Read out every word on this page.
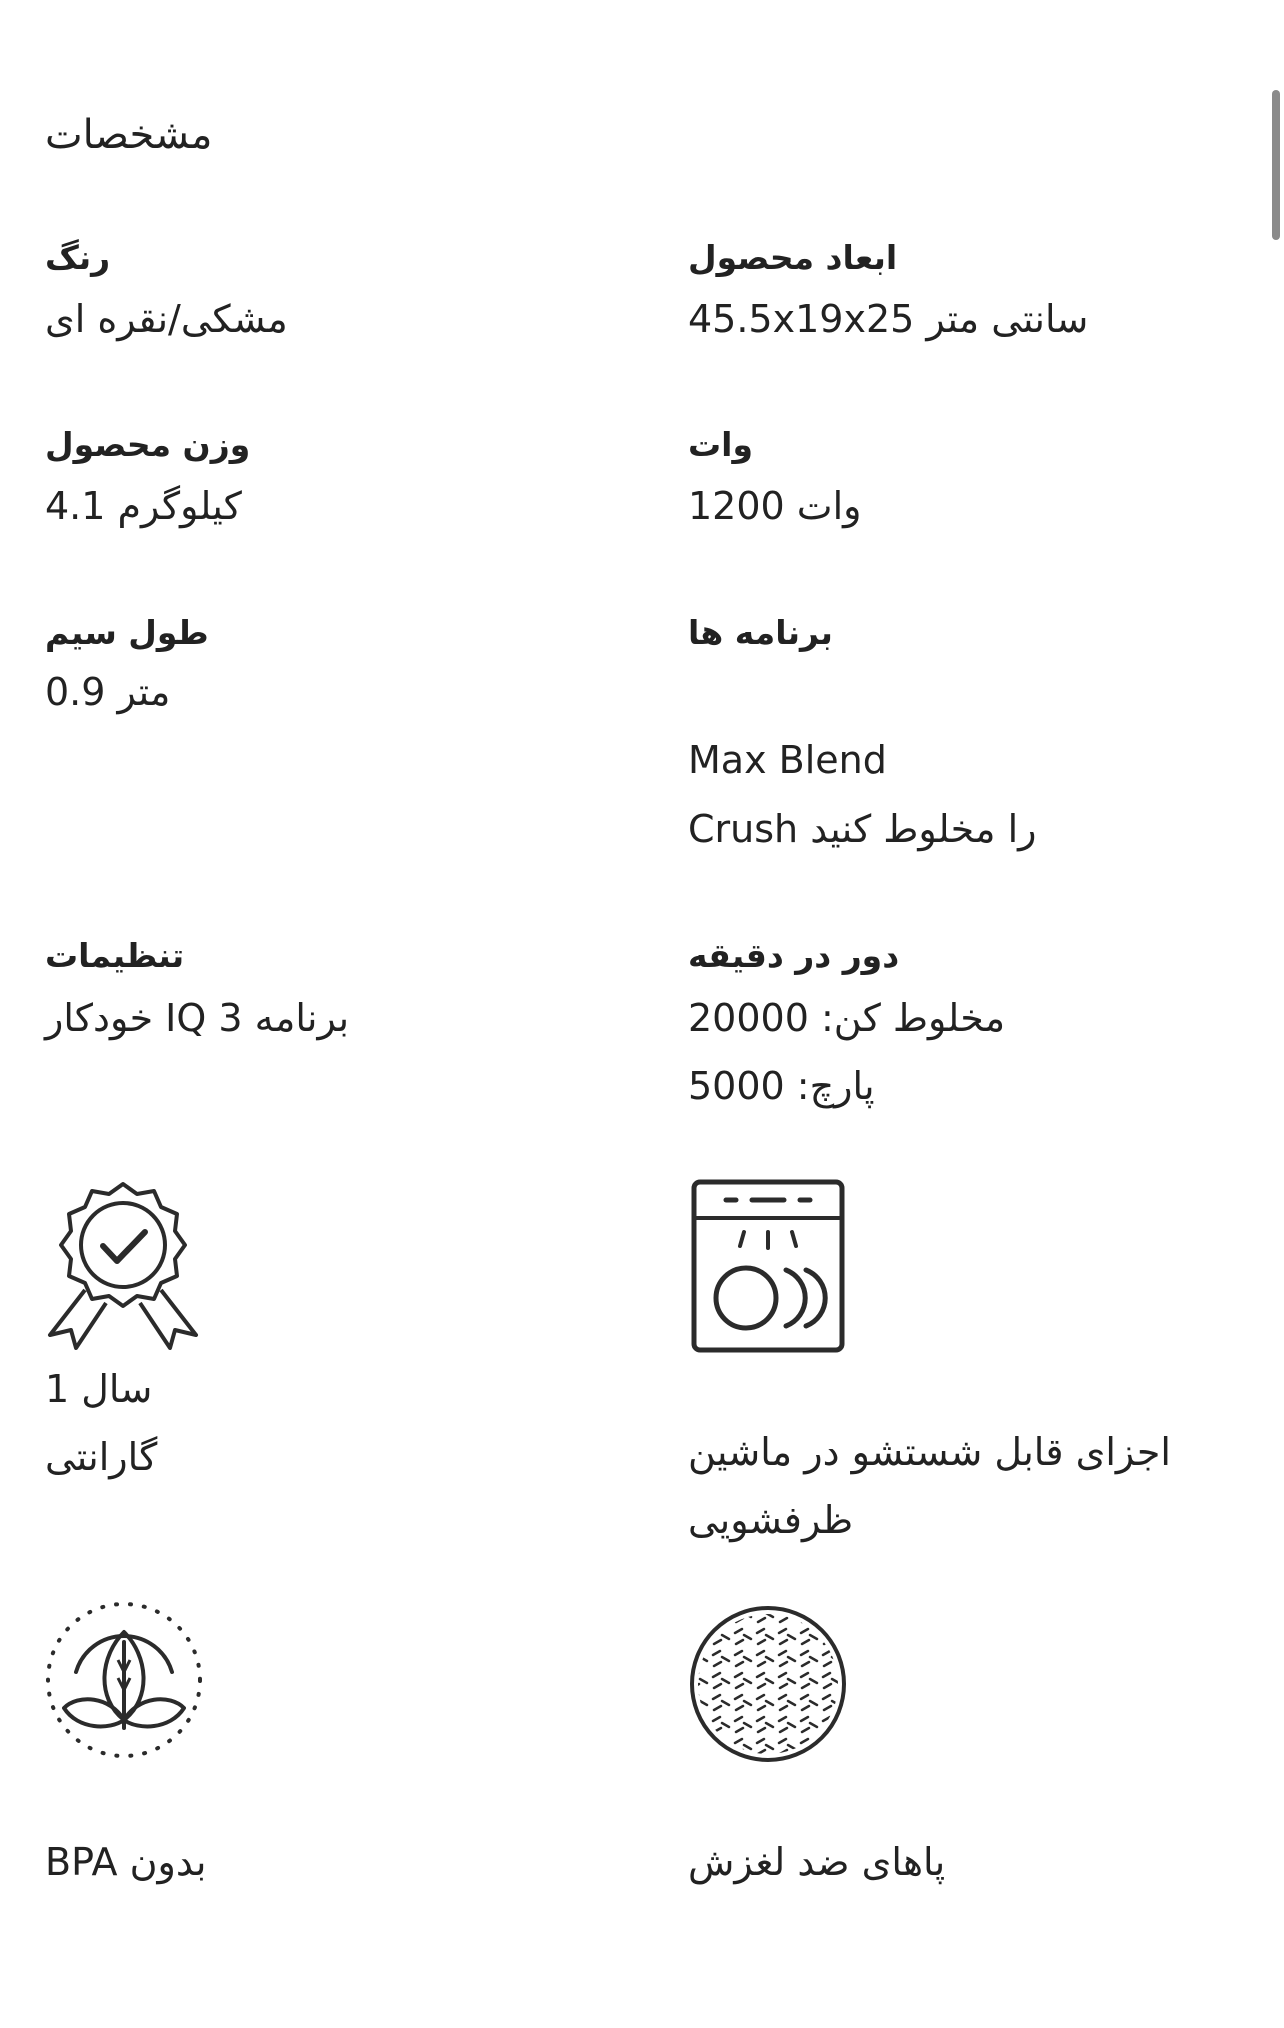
مشخصات
رنگ
مشکی/نقره ای
ابعاد محصول
45.5x19x25 سانتی متر
وزن محصول
4.1 کیلوگرم
وات
1200 وات
طول سیم
0.9 متر
برنامه ها
Max Blend
Crush را مخلوط کنید
تنظیمات
خودکار IQ برنامه 3
دور در دقیقه
مخلوط کن: 20000
پارچ: 5000
1 سال
گارانتی	اجزای قابل شستشو در ماشین
ظرفشویی
BPA بدون	پاهای ضد لغزش
